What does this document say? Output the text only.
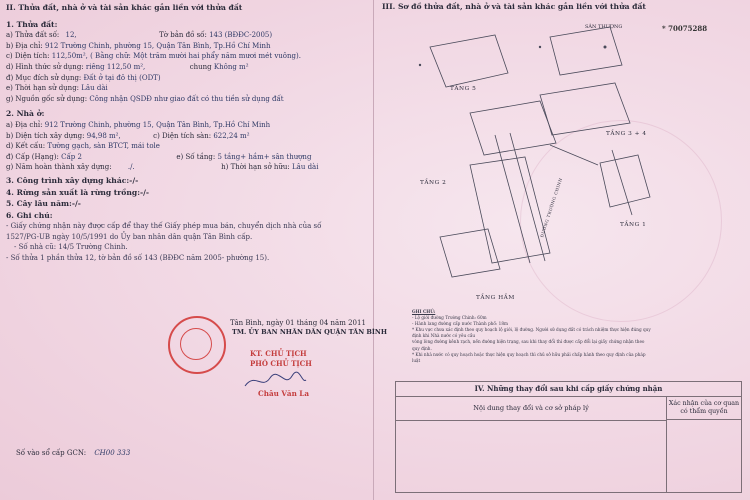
II. Thửa đất, nhà ở và tài sản khác gắn liền với thửa đất
1. Thửa đất:
a) Thửa đất số: 12,	Tờ bản đồ số: 143 (BĐĐC-2005)
b) Địa chỉ: 912 Trường Chinh, phường 15, Quận Tân Bình, Tp.Hồ Chí Minh
c) Diện tích: 112,50m², ( Bằng chữ: Một trăm mười hai phẩy năm mươi mét vuông).
d) Hình thức sử dụng: riêng 112,50 m²,	chung Không m²
đ) Mục đích sử dụng: Đất ở tại đô thị (ODT)
e) Thời hạn sử dụng: Lâu dài
g) Nguồn gốc sử dụng: Công nhận QSDĐ như giao đất có thu tiền sử dụng đất
2. Nhà ở:
a) Địa chỉ: 912 Trường Chinh, phường 15, Quận Tân Bình, Tp.Hồ Chí Minh
b) Diện tích xây dựng: 94,98 m²,	c) Diện tích sàn: 622,24 m²
d) Kết cấu: Tường gạch, sàn BTCT, mái tole
đ) Cấp (Hạng): Cấp 2	e) Số tầng: 5 tầng+ hầm+ sân thượng
g) Năm hoàn thành xây dựng: ./.	h) Thời hạn sở hữu: Lâu dài
3. Công trình xây dựng khác:-/-
4. Rừng sản xuất là rừng trồng:-/-
5. Cây lâu năm:-/-
6. Ghi chú:
- Giấy chứng nhận này được cấp để thay thế Giấy phép mua bán, chuyển dịch nhà của số
1527/PG-UB ngày 10/5/1991 do Ủy ban nhân dân quận Tân Bình cấp.
- Số nhà cũ: 14/5 Trường Chinh.
- Số thửa 1 phần thửa 12, tờ bản đồ số 143 (BĐĐC năm 2005- phường 15).
Tân Bình, ngày 01 tháng 04 năm 2011
TM. ỦY BAN NHÂN DÂN QUẬN TÂN BÌNH
KT. CHỦ TỊCH
PHÓ CHỦ TỊCH
Châu Văn La
Số vào sổ cấp GCN: CH00 333
III. Sơ đồ thửa đất, nhà ở và tài sản khác gắn liền với thửa đất
* 70075288
SÂN THƯỢNG
TẦNG 5
TẦNG 3 + 4
TẦNG 2
TẦNG 1
TẦNG HẦM
ĐƯỜNG TRƯỜNG CHINH
GHI CHÚ:
- Lộ giới đường Trường Chinh: 60m
- Hành lang đường cấp nước Thành phố: 18m
* Khu vực chưa xác định theo quy hoạch lộ giới, lộ đường. Người sử dụng đất có trách nhiệm thực hiện đúng quy định khi Nhà nước có yêu cầu
vòng lòng đường kênh rạch, nền đường hiện trạng, sau khi thay đổi thì được cấp đổi lại giấy chứng nhận theo quy định.
* Khi nhà nước có quy hoạch hoặc thực hiện quy hoạch thì chủ sở hữu phải chấp hành theo quy định của pháp luật
IV. Những thay đổi sau khi cấp giấy chứng nhận
Nội dung thay đổi và cơ sở pháp lý
Xác nhận của cơ quan có thẩm quyền
